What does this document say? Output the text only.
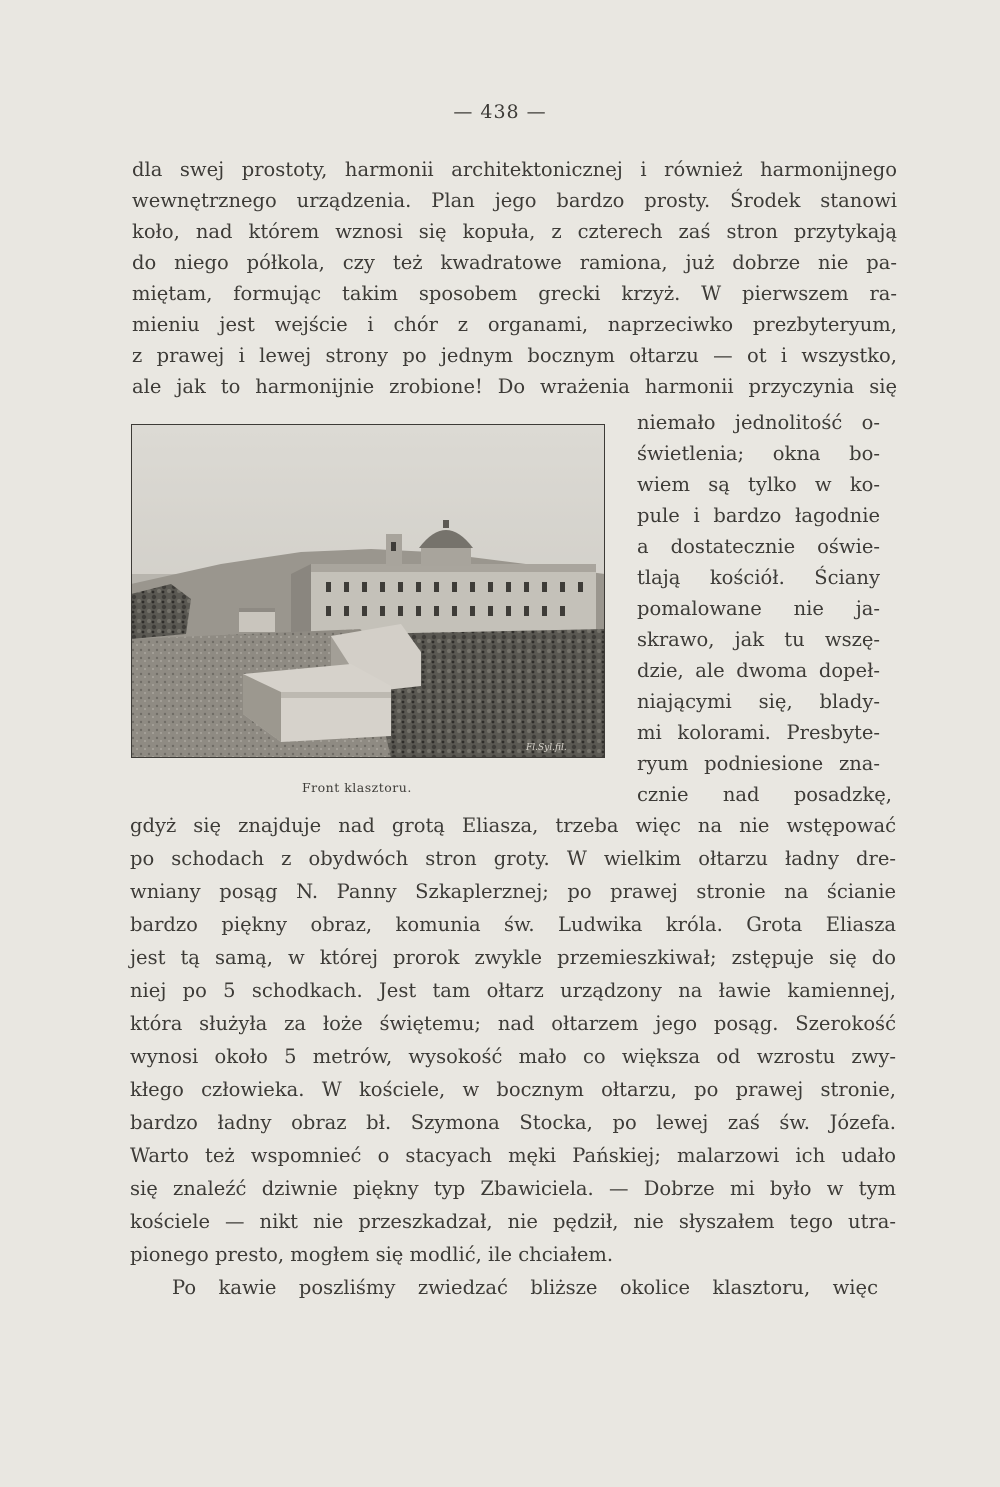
— 438 —
dla swej prostoty, harmonii architektonicznej i również harmonijnego
wewnętrznego urządzenia. Plan jego bardzo prosty. Środek stanowi
koło, nad którem wznosi się kopuła, z czterech zaś stron przytykają
do niego półkola, czy też kwadratowe ramiona, już dobrze nie pa-
miętam, formując takim sposobem grecki krzyż. W pierwszem ra-
mieniu jest wejście i chór z organami, naprzeciwko prezbyteryum,
z prawej i lewej strony po jednym bocznym ołtarzu — ot i wszystko,
ale jak to harmonijnie zrobione! Do wrażenia harmonii przyczynia się
niemało jednolitość o-
świetlenia; okna bo-
wiem są tylko w ko-
pule i bardzo łagodnie
a dostatecznie oświe-
tlają kościół. Ściany
pomalowane nie ja-
skrawo, jak tu wszę-
dzie, ale dwoma dopeł-
niającymi się, blady-
mi kolorami. Presbyte-
ryum podniesione zna-
cznie nad posadzkę,
gdyż się znajduje nad grotą Eliasza, trzeba więc na nie wstępować
po schodach z obydwóch stron groty. W wielkim ołtarzu ładny dre-
wniany posąg N. Panny Szkaplerznej; po prawej stronie na ścianie
bardzo piękny obraz, komunia św. Ludwika króla. Grota Eliasza
jest tą samą, w której prorok zwykle przemieszkiwał; zstępuje się do
niej po 5 schodkach. Jest tam ołtarz urządzony na ławie kamiennej,
która służyła za łoże świętemu; nad ołtarzem jego posąg. Szerokość
wynosi około 5 metrów, wysokość mało co większa od wzrostu zwy-
kłego człowieka. W kościele, w bocznym ołtarzu, po prawej stronie,
bardzo ładny obraz bł. Szymona Stocka, po lewej zaś św. Józefa.
Warto też wspomnieć o stacyach męki Pańskiej; malarzowi ich udało
się znaleźć dziwnie piękny typ Zbawiciela. — Dobrze mi było w tym
kościele — nikt nie przeszkadzał, nie pędził, nie słyszałem tego utra-
pionego presto, mogłem się modlić, ile chciałem.
Po kawie poszliśmy zwiedzać bliższe okolice klasztoru, więc
Fl.Syl.fil.
Front klasztoru.
